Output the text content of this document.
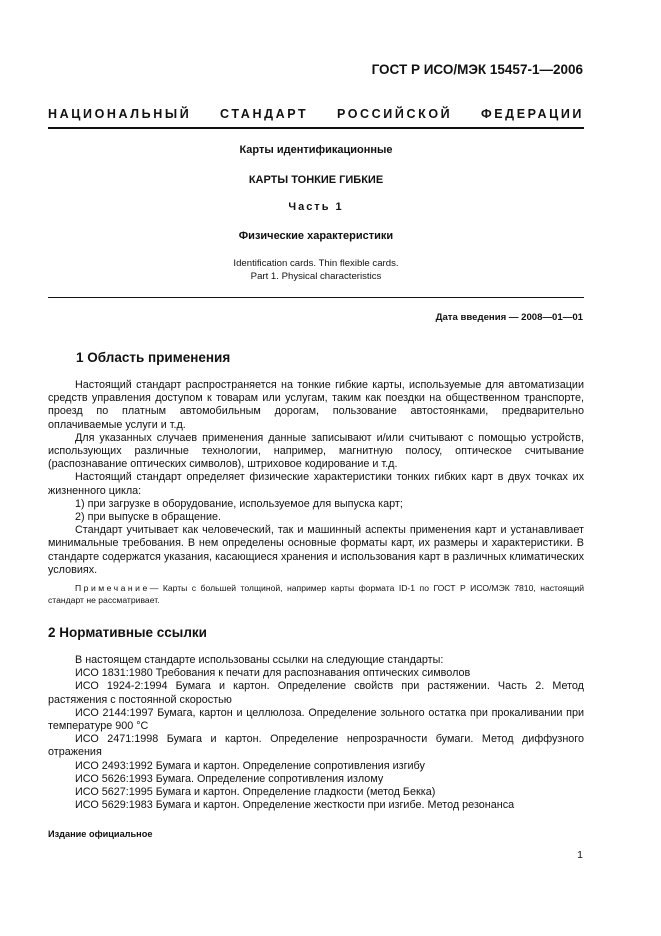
ГОСТ Р ИСО/МЭК 15457-1—2006
НАЦИОНАЛЬНЫЙ СТАНДАРТ РОССИЙСКОЙ ФЕДЕРАЦИИ
Карты идентификационные
КАРТЫ ТОНКИЕ ГИБКИЕ
Часть 1
Физические характеристики
Identification cards. Thin flexible cards.
Part 1. Physical characteristics
Дата введения — 2008—01—01
1 Область применения

Настоящий стандарт распространяется на тонкие гибкие карты, используемые для автоматизации средств управления доступом к товарам или услугам, таким как поездки на общественном транспорте, проезд по платным автомобильным дорогам, пользование автостоянками, предварительно оплачиваемые услуги и т.д.

Для указанных случаев применения данные записывают и/или считывают с помощью устройств, использующих различные технологии, например, магнитную полосу, оптическое считывание (распознавание оптических символов), штриховое кодирование и т.д.

Настоящий стандарт определяет физические характеристики тонких гибких карт в двух точках их жизненного цикла:

1) при загрузке в оборудование, используемое для выпуска карт;

2) при выпуске в обращение.

Стандарт учитывает как человеческий, так и машинный аспекты применения карт и устанавливает минимальные требования. В нем определены основные форматы карт, их размеры и характеристики. В стандарте содержатся указания, касающиеся хранения и использования карт в различных климатических условиях.

Примечание— Карты с большей толщиной, например карты формата ID-1 по ГОСТ Р ИСО/МЭК 7810, настоящий стандарт не рассматривает.
2 Нормативные ссылки

В настоящем стандарте использованы ссылки на следующие стандарты:

ИСО 1831:1980 Требования к печати для распознавания оптических символов

ИСО 1924-2:1994 Бумага и картон. Определение свойств при растяжении. Часть 2. Метод растяжения с постоянной скоростью

ИСО 2144:1997 Бумага, картон и целлюлоза. Определение зольного остатка при прокаливании при температуре 900 °С

ИСО 2471:1998 Бумага и картон. Определение непрозрачности бумаги. Метод диффузного отражения

ИСО 2493:1992 Бумага и картон. Определение сопротивления изгибу

ИСО 5626:1993 Бумага. Определение сопротивления излому

ИСО 5627:1995 Бумага и картон. Определение гладкости (метод Бекка)

ИСО 5629:1983 Бумага и картон. Определение жесткости при изгибе. Метод резонанса

Издание официальное
1
